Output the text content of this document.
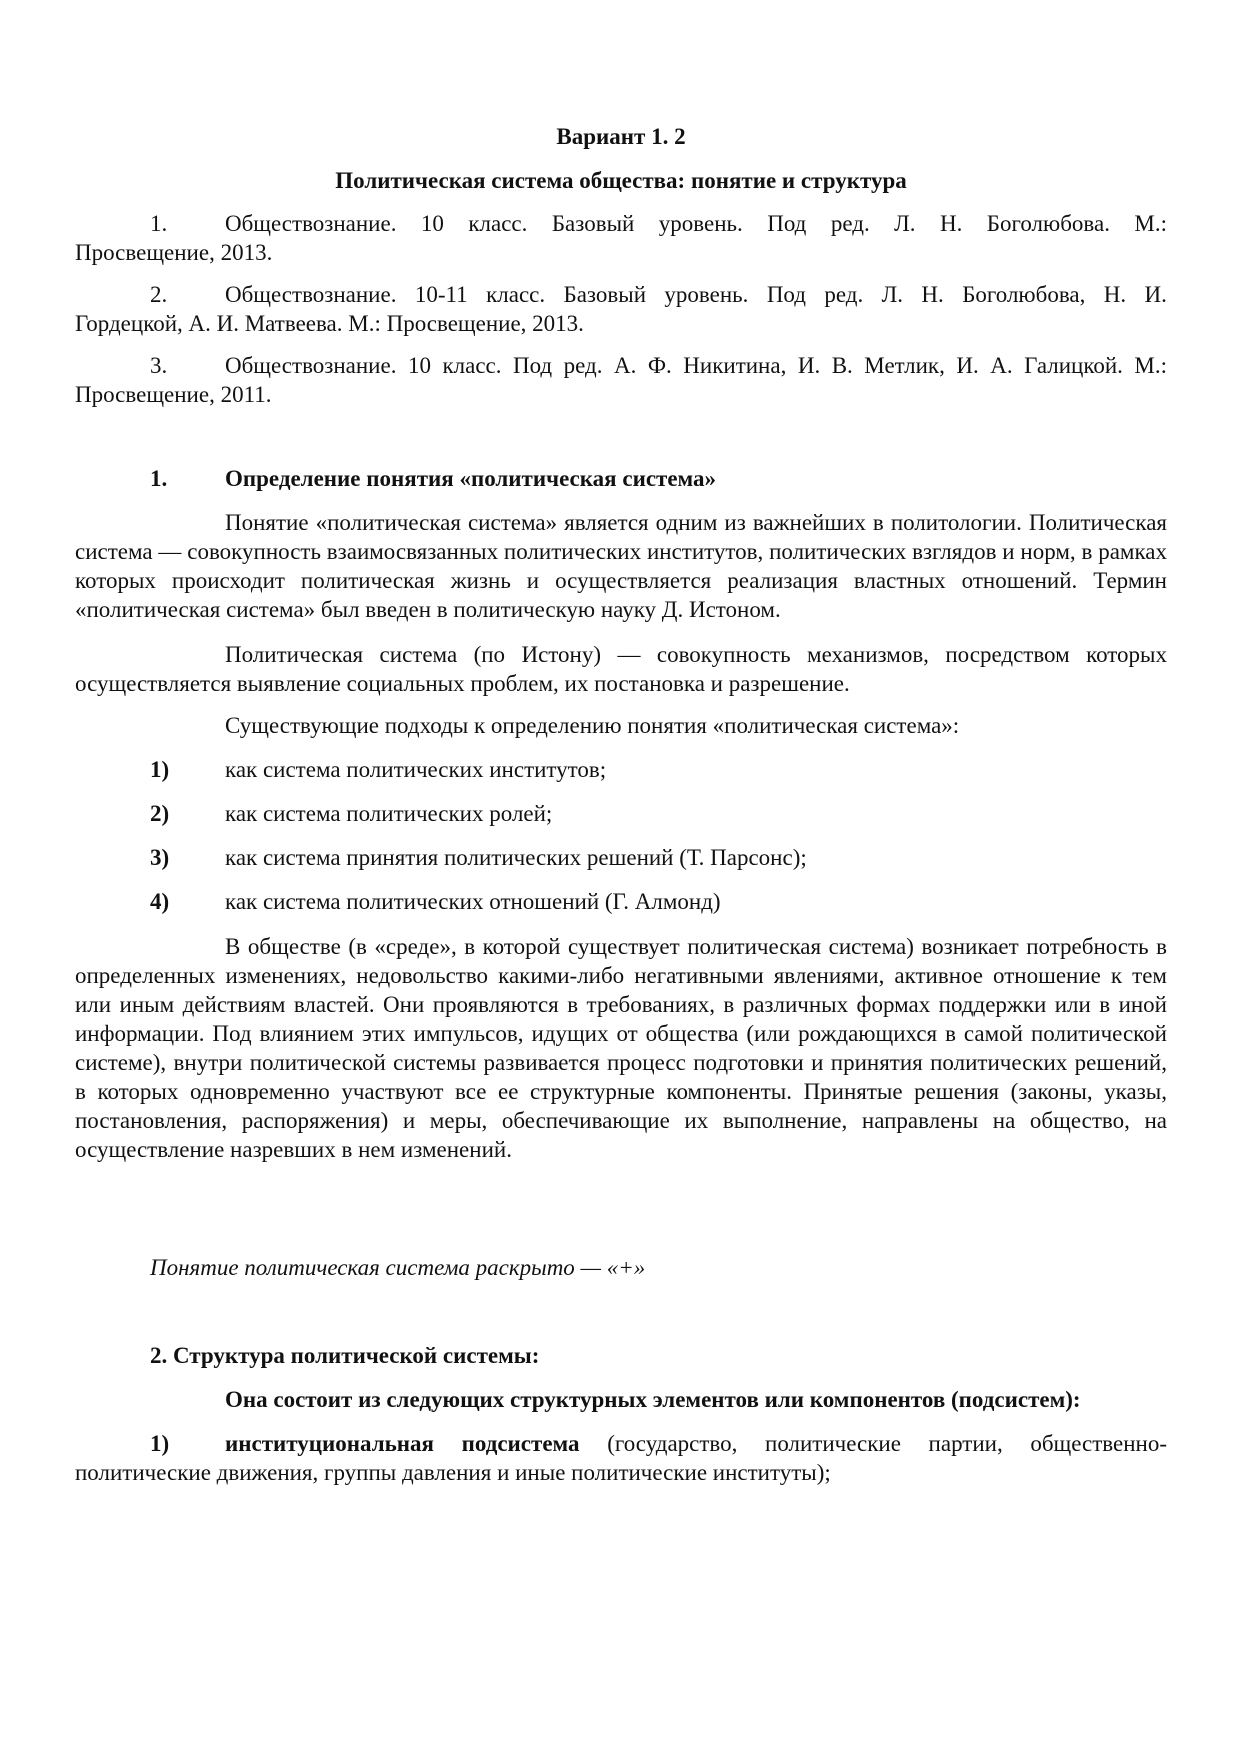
Вариант 1. 2
Политическая система общества: понятие и структура
1.	Обществознание. 10 класс. Базовый уровень. Под ред. Л. Н. Боголюбова. М.:
Просвещение, 2013.
2.	Обществознание. 10-11 класс. Базовый уровень. Под ред. Л. Н. Боголюбова, Н. И.
Гордецкой, А. И. Матвеева. М.: Просвещение, 2013.
3.	Обществознание. 10 класс. Под ред. А. Ф. Никитина, И. В. Метлик, И. А. Галицкой. М.:
Просвещение, 2011.
1.	Определение понятия «политическая система»
Понятие «политическая система» является одним из важнейших в политологии. Политическая система — совокупность взаимосвязанных политических институтов, политических взглядов и норм, в рамках которых происходит политическая жизнь и осуществляется реализация властных отношений. Термин «политическая система» был введен в политическую науку Д. Истоном.
Политическая система (по Истону) — совокупность механизмов, посредством которых осуществляется выявление социальных проблем, их постановка и разрешение.
Существующие подходы к определению понятия «политическая система»:
1) как система политических институтов;
2) как система политических ролей;
3) как система принятия политических решений (Т. Парсонс);
4) как система политических отношений (Г. Алмонд)
В обществе (в «среде», в которой существует политическая система) возникает потребность в определенных изменениях, недовольство какими-либо негативными явлениями, активное отношение к тем или иным действиям властей. Они проявляются в требованиях, в различных формах поддержки или в иной информации. Под влиянием этих импульсов, идущих от общества (или рождающихся в самой политической системе), внутри политической системы развивается процесс подготовки и принятия политических решений, в которых одновременно участвуют все ее структурные компоненты. Принятые решения (законы, указы, постановления, распоряжения) и меры, обеспечивающие их выполнение, направлены на общество, на осуществление назревших в нем изменений.
Понятие политическая система раскрыто — «+»
2. Структура политической системы:
Она состоит из следующих структурных элементов или компонентов (подсистем):
1)	институциональная подсистема (государство, политические партии, общественно-политические движения, группы давления и иные политические институты);
